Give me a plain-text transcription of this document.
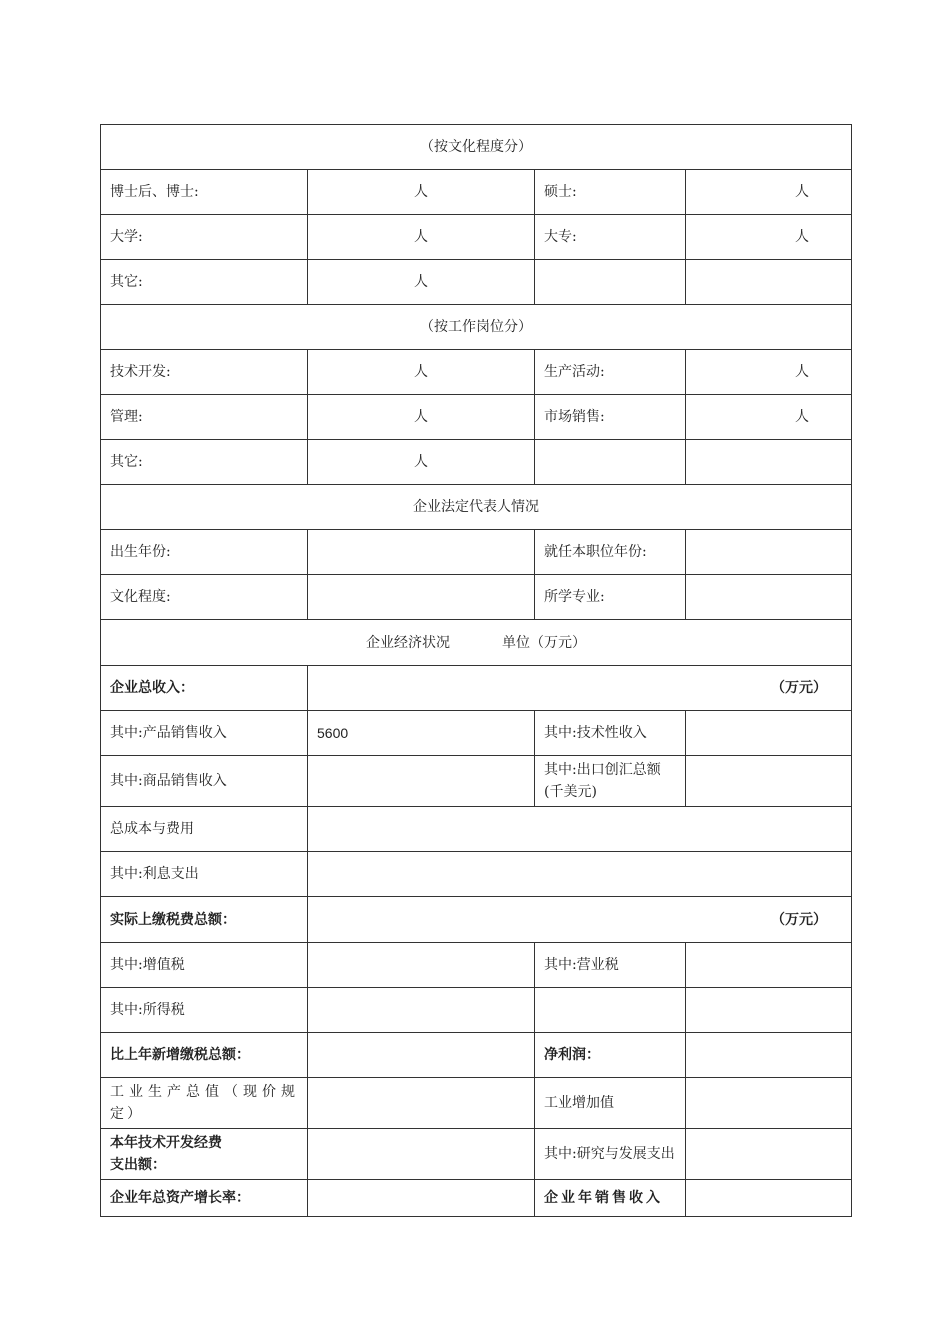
（按文化程度分）			
博士后、博士:	人	硕士:	人
大学:	人	大专:	人
其它:	人		
（按工作岗位分）			
技术开发:	人	生产活动:	人
管理:	人	市场销售:	人
其它:	人		
企业法定代表人情况			
出生年份:		就任本职位年份:	
文化程度:		所学专业:	
企业经济状况 单位（万元）			
企业总收入：	（万元）		
其中:产品销售收入	5600	其中:技术性收入	
其中:商品销售收入		其中:出口创汇总额(千美元)	
总成本与费用			
其中:利息支出			
实际上缴税费总额：	（万元）		
其中:增值税		其中:营业税	
其中:所得税			
比上年新增缴税总额：		净利润：	
工业生产总值（现价规定）		工业增加值	

本年技术开发经费
支出额：		其中:研究与发展支出	
企业年总资产增长率：		企业年销售收入	
